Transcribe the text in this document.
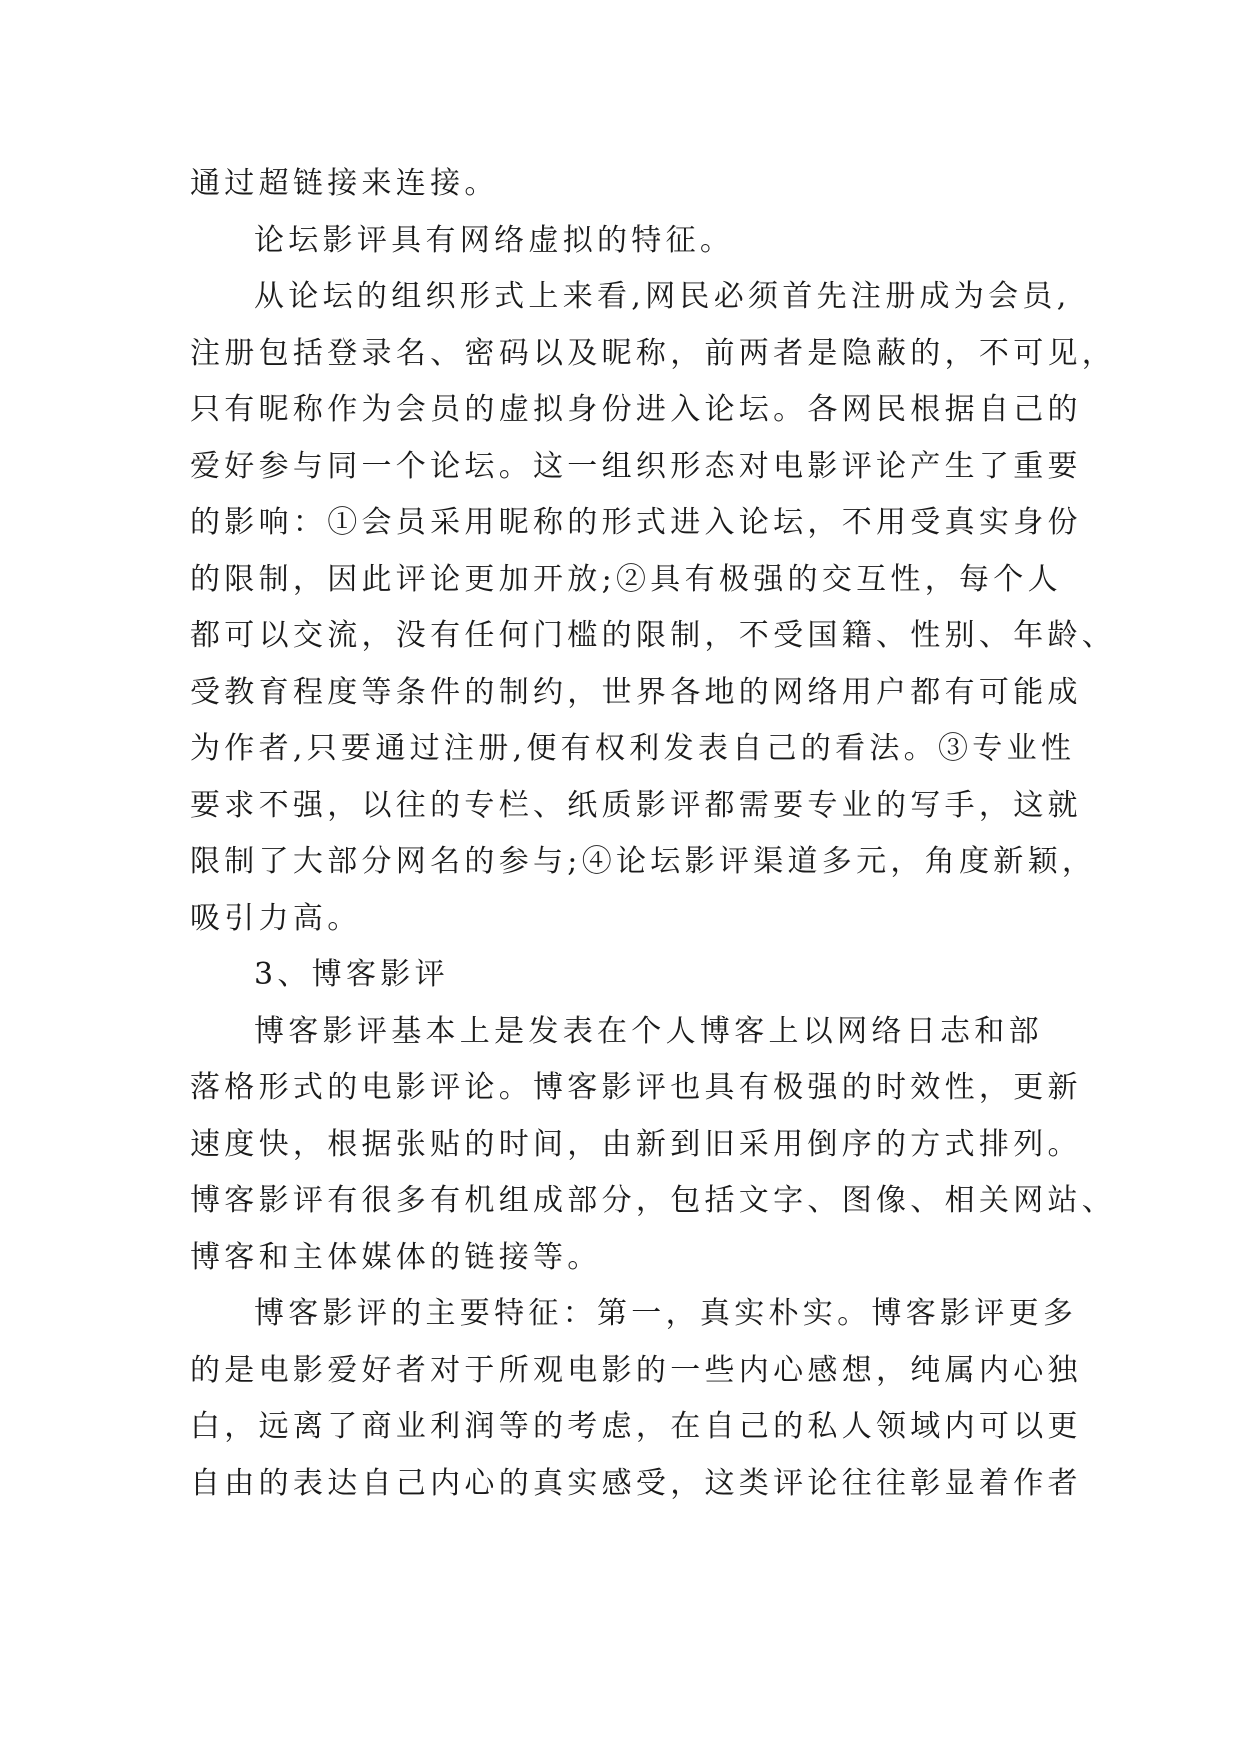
通过超链接来连接。
论坛影评具有网络虚拟的特征。
从论坛的组织形式上来看,网民必须首先注册成为会员,
注册包括登录名、密码以及昵称，前两者是隐蔽的，不可见，
只有昵称作为会员的虚拟身份进入论坛。各网民根据自己的
爱好参与同一个论坛。这一组织形态对电影评论产生了重要
的影响：①会员采用昵称的形式进入论坛，不用受真实身份
的限制，因此评论更加开放;②具有极强的交互性，每个人
都可以交流，没有任何门槛的限制，不受国籍、性别、年龄、
受教育程度等条件的制约，世界各地的网络用户都有可能成
为作者,只要通过注册,便有权利发表自己的看法。③专业性
要求不强，以往的专栏、纸质影评都需要专业的写手，这就
限制了大部分网名的参与;④论坛影评渠道多元，角度新颖，
吸引力高。
3、博客影评
博客影评基本上是发表在个人博客上以网络日志和部
落格形式的电影评论。博客影评也具有极强的时效性，更新
速度快，根据张贴的时间，由新到旧采用倒序的方式排列。
博客影评有很多有机组成部分，包括文字、图像、相关网站、
博客和主体媒体的链接等。
博客影评的主要特征：第一，真实朴实。博客影评更多
的是电影爱好者对于所观电影的一些内心感想，纯属内心独
白，远离了商业利润等的考虑，在自己的私人领域内可以更
自由的表达自己内心的真实感受，这类评论往往彰显着作者
